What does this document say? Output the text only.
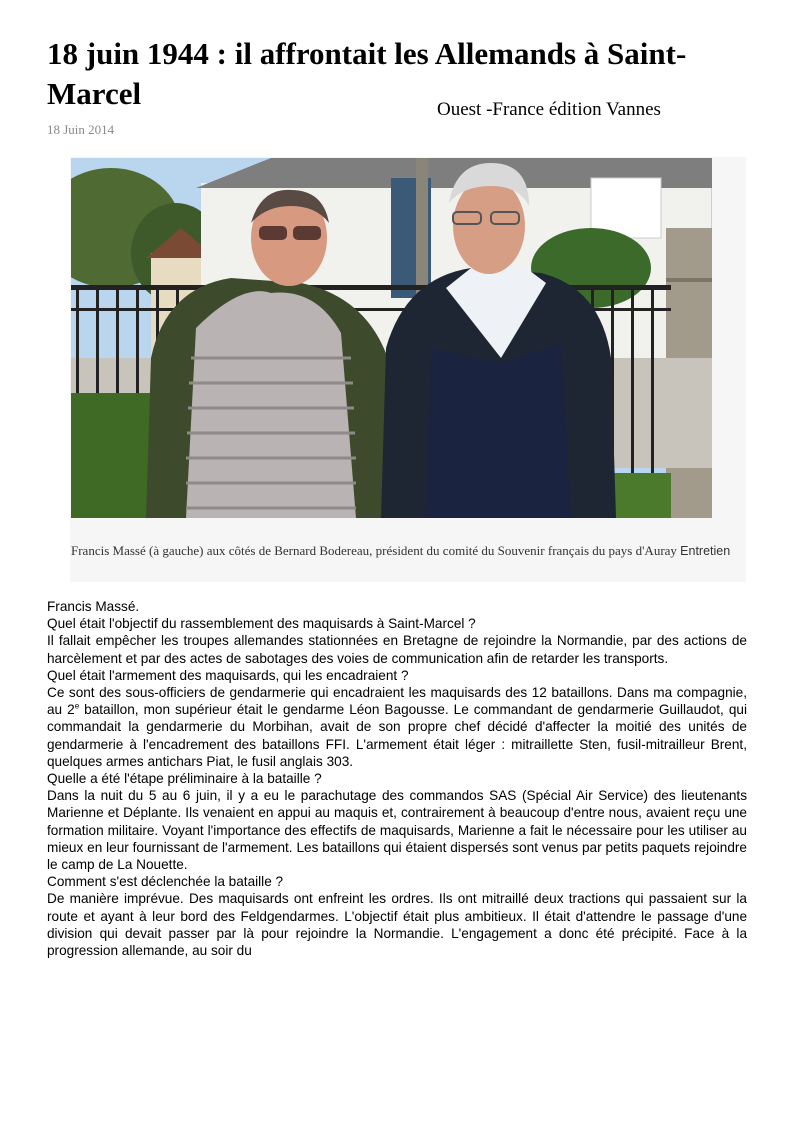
18 juin 1944 : il affrontait les Allemands à Saint-Marcel	Ouest -France édition Vannes
18 Juin 2014
Francis Massé (à gauche) aux côtés de Bernard Bodereau, président du comité du Souvenir français du pays d'Auray Entretien

Francis Massé.

Quel était l'objectif du rassemblement des maquisards à Saint-Marcel ?

Il fallait empêcher les troupes allemandes stationnées en Bretagne de rejoindre la Normandie, par des actions de harcèlement et par des actes de sabotages des voies de communication afin de retarder les transports.

Quel était l'armement des maquisards, qui les encadraient ?

Ce sont des sous-officiers de gendarmerie qui encadraient les maquisards des 12 bataillons. Dans ma compagnie, au 2e bataillon, mon supérieur était le gendarme Léon Bagousse. Le commandant de gendarmerie Guillaudot, qui commandait la gendarmerie du Morbihan, avait de son propre chef décidé d'affecter la moitié des unités de gendarmerie à l'encadrement des bataillons FFI. L'armement était léger : mitraillette Sten, fusil-mitrailleur Brent, quelques armes antichars Piat, le fusil anglais 303.

Quelle a été l'étape préliminaire à la bataille ?

Dans la nuit du 5 au 6 juin, il y a eu le parachutage des commandos SAS (Spécial Air Service) des lieutenants Marienne et Déplante. Ils venaient en appui au maquis et, contrairement à beaucoup d'entre nous, avaient reçu une formation militaire. Voyant l'importance des effectifs de maquisards, Marienne a fait le nécessaire pour les utiliser au mieux en leur fournissant de l'armement. Les bataillons qui étaient dispersés sont venus par petits paquets rejoindre le camp de La Nouette.

Comment s'est déclenchée la bataille ?

De manière imprévue. Des maquisards ont enfreint les ordres. Ils ont mitraillé deux tractions qui passaient sur la route et ayant à leur bord des Feldgendarmes. L'objectif était plus ambitieux. Il était d'attendre le passage d'une division qui devait passer par là pour rejoindre la Normandie. L'engagement a donc été précipité. Face à la progression allemande, au soir du
